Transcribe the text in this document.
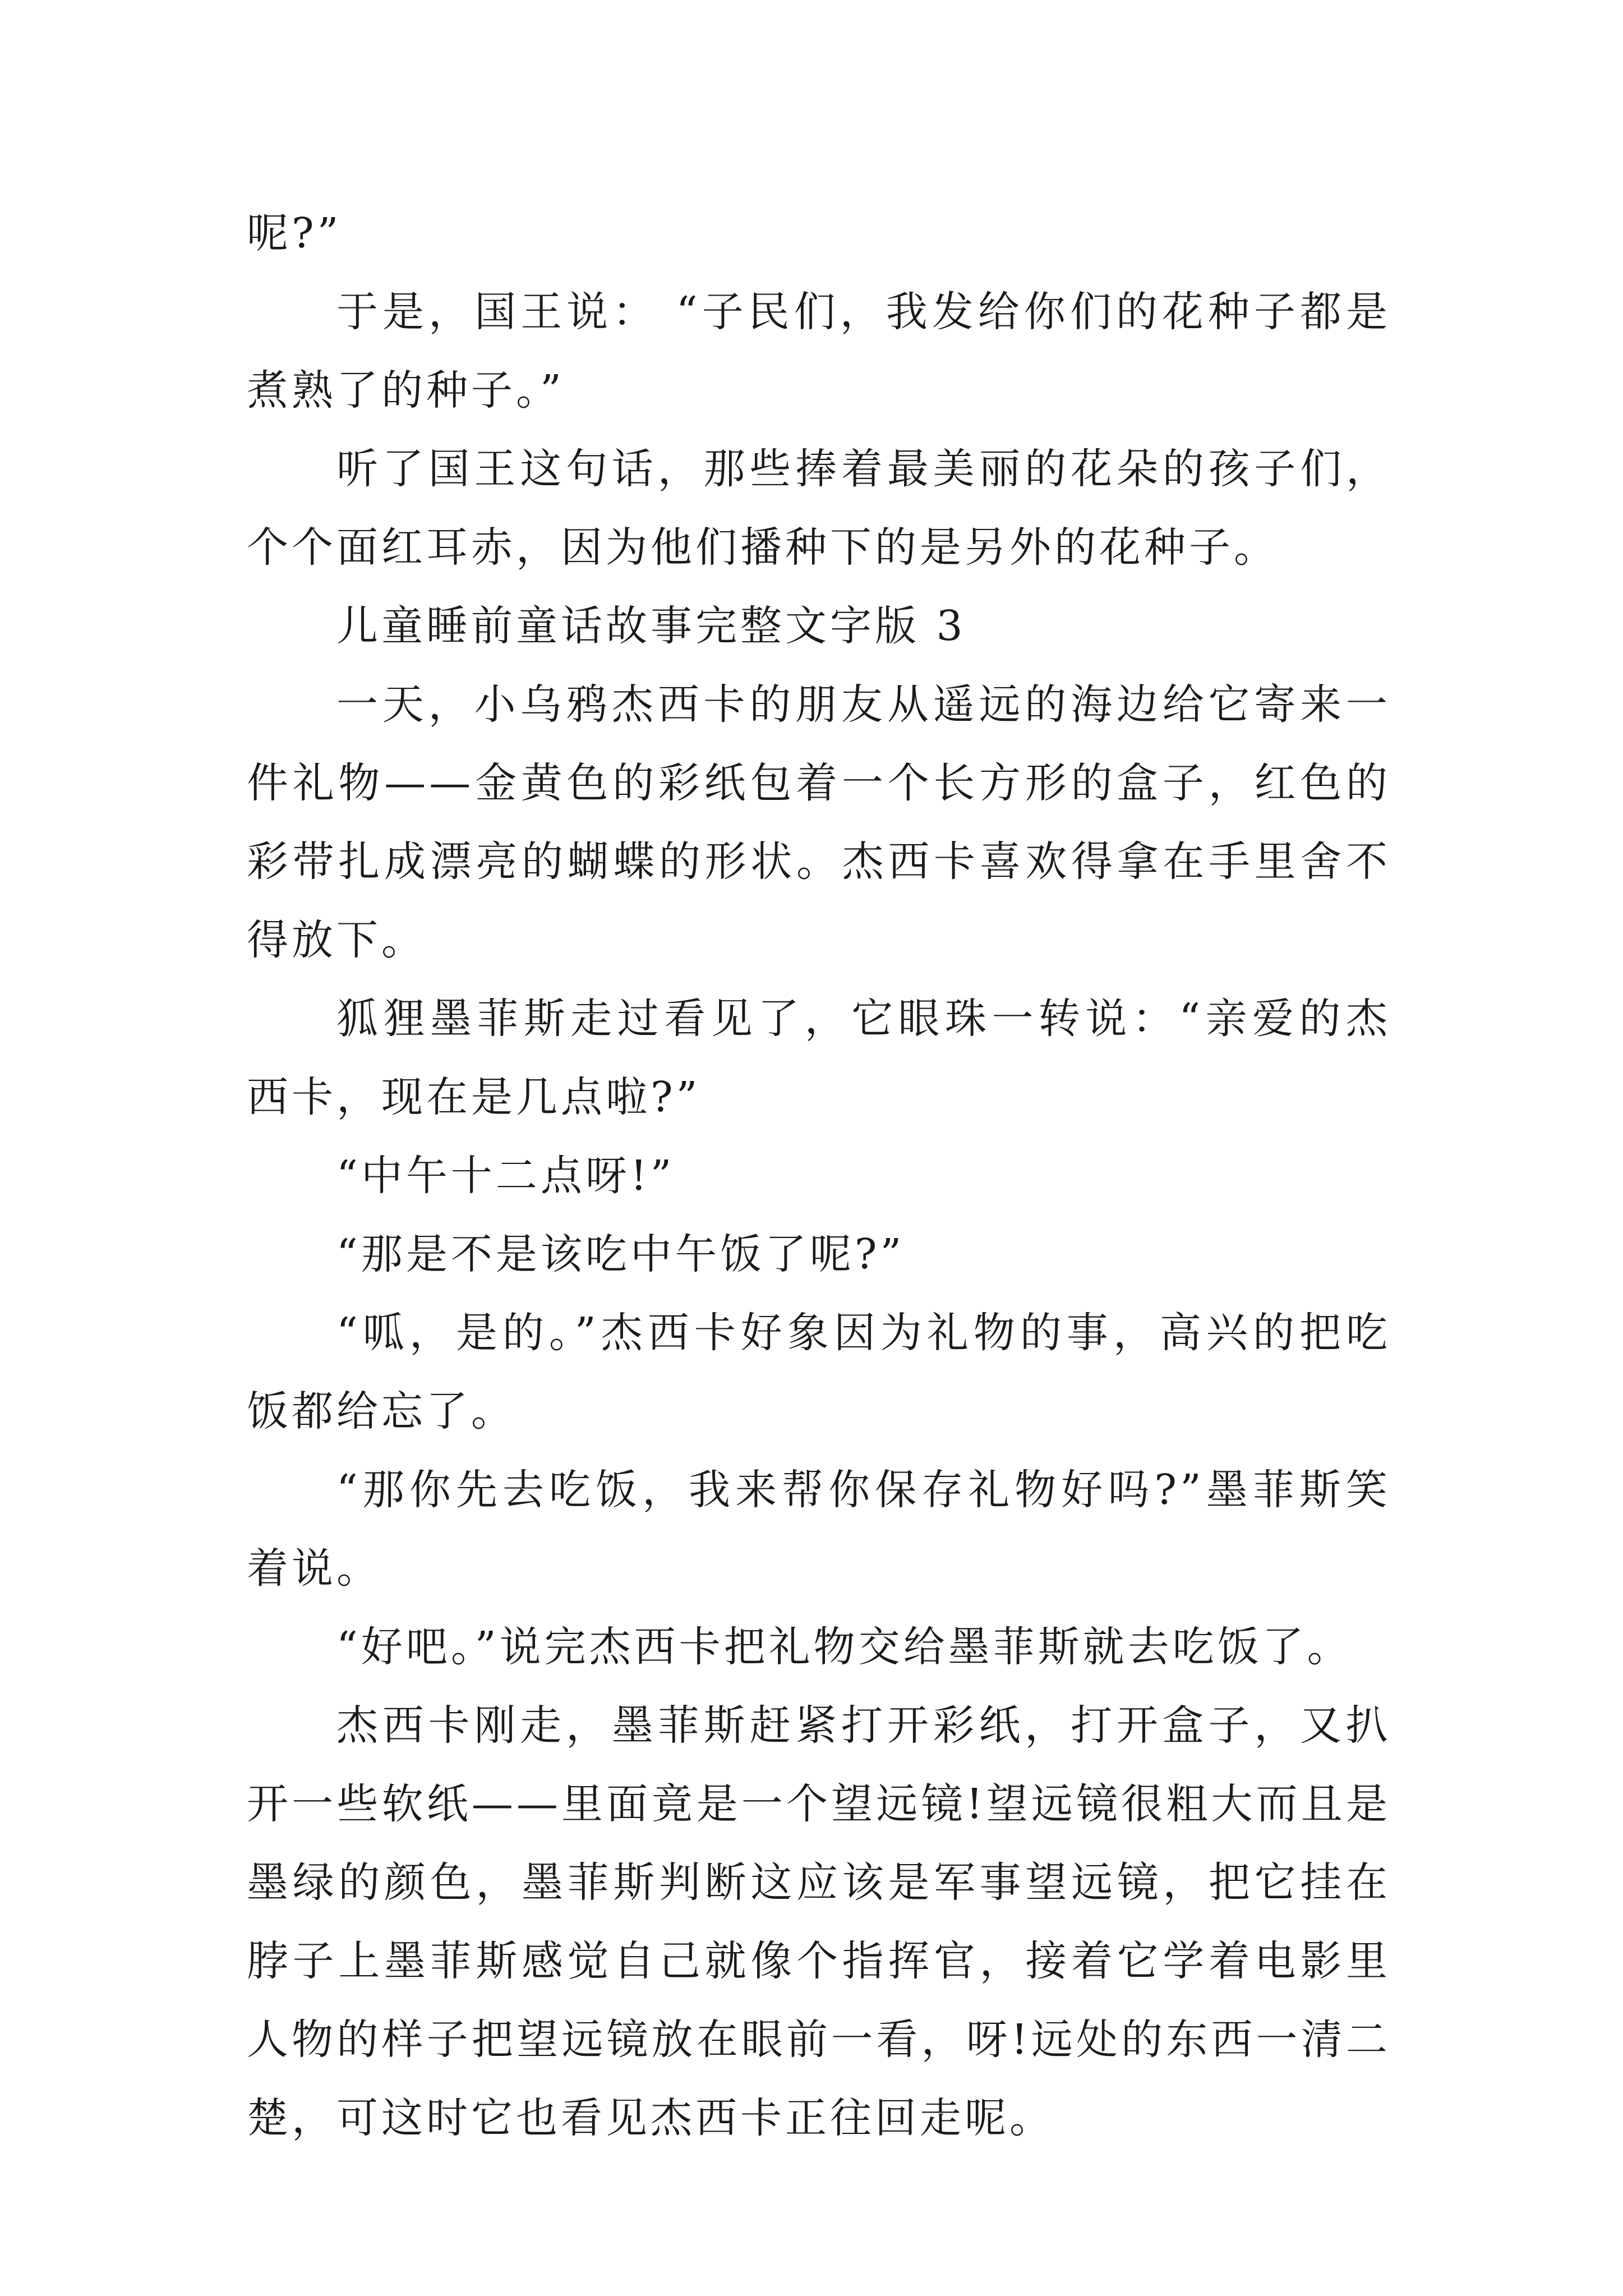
呢?”

于是，国王说： “子民们，我发给你们的花种子都是煮熟了的种子。”

听了国王这句话，那些捧着最美丽的花朵的孩子们，个个面红耳赤，因为他们播种下的是另外的花种子。

儿童睡前童话故事完整文字版 3

一天，小乌鸦杰西卡的朋友从遥远的海边给它寄来一件礼物——金黄色的彩纸包着一个长方形的盒子，红色的彩带扎成漂亮的蝴蝶的形状。杰西卡喜欢得拿在手里舍不得放下。

狐狸墨菲斯走过看见了，它眼珠一转说：“亲爱的杰西卡，现在是几点啦?”

“中午十二点呀!”

“那是不是该吃中午饭了呢?”

“呱，是的。”杰西卡好象因为礼物的事，高兴的把吃饭都给忘了。

“那你先去吃饭，我来帮你保存礼物好吗?”墨菲斯笑着说。

“好吧。”说完杰西卡把礼物交给墨菲斯就去吃饭了。

杰西卡刚走，墨菲斯赶紧打开彩纸，打开盒子，又扒开一些软纸——里面竟是一个望远镜!望远镜很粗大而且是墨绿的颜色，墨菲斯判断这应该是军事望远镜，把它挂在脖子上墨菲斯感觉自己就像个指挥官，接着它学着电影里人物的样子把望远镜放在眼前一看，呀!远处的东西一清二楚，可这时它也看见杰西卡正往回走呢。
